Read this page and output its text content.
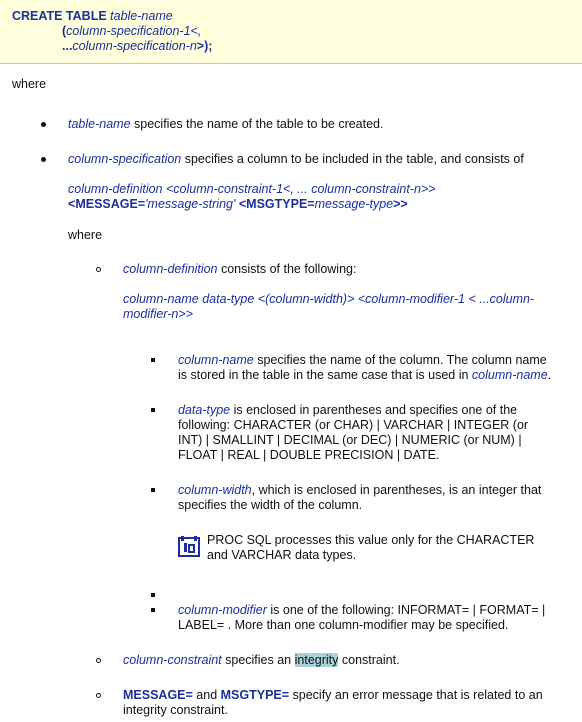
CREATE TABLE table-name
(column-specification-1<,
...column-specification-n>);
where
table-name specifies the name of the table to be created.
column-specification specifies a column to be included in the table, and consists of
column-definition <column-constraint-1<, ... column-constraint-n>>
<MESSAGE='message-string' <MSGTYPE=message-type>>
where
column-definition consists of the following:
column-name data-type <(column-width)> <column-modifier-1 < ...column-
modifier-n>>
column-name specifies the name of the column. The column name
is stored in the table in the same case that is used in column-name.
data-type is enclosed in parentheses and specifies one of the
following: CHARACTER (or CHAR) | VARCHAR | INTEGER (or
INT) | SMALLINT | DECIMAL (or DEC) | NUMERIC (or NUM) |
FLOAT | REAL | DOUBLE PRECISION | DATE.
column-width, which is enclosed in parentheses, is an integer that
specifies the width of the column.
PROC SQL processes this value only for the CHARACTER
and VARCHAR data types.
column-modifier is one of the following: INFORMAT= | FORMAT= |
LABEL= . More than one column-modifier may be specified.
column-constraint specifies an integrity constraint.
MESSAGE= and MSGTYPE= specify an error message that is related to an
integrity constraint.
